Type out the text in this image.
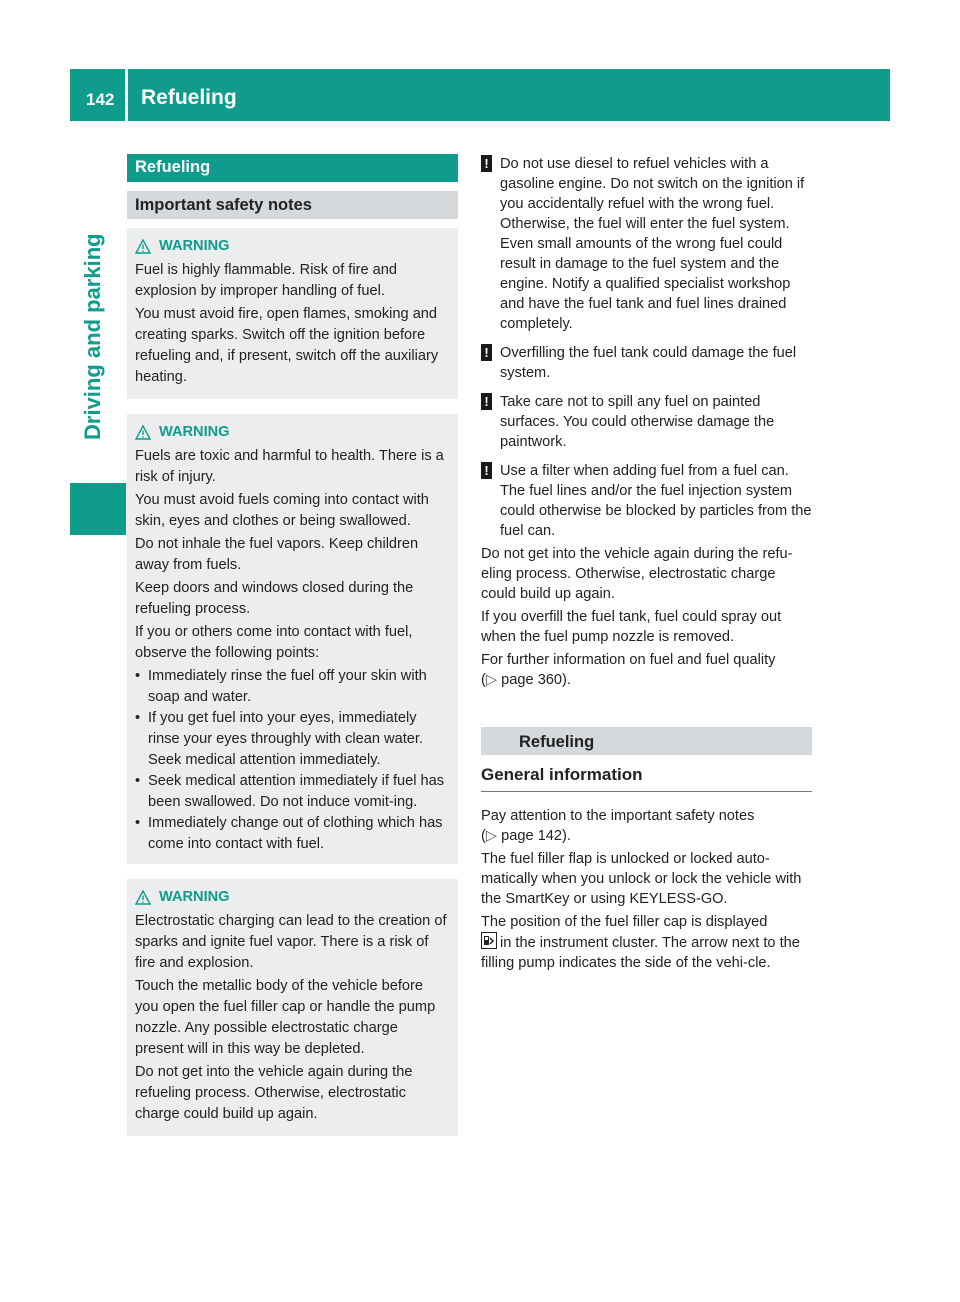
142 Refueling
Driving and parking
Refueling
Important safety notes
WARNING

Fuel is highly flammable. Risk of fire and explosion by improper handling of fuel.

You must avoid fire, open flames, smoking and creating sparks. Switch off the ignition before refueling and, if present, switch off the auxiliary heating.

WARNING

Fuels are toxic and harmful to health. There is a risk of injury.

You must avoid fuels coming into contact with skin, eyes and clothes or being swallowed.

Do not inhale the fuel vapors. Keep children away from fuels.

Keep doors and windows closed during the refueling process.

If you or others come into contact with fuel, observe the following points:

• Immediately rinse the fuel off your skin with soap and water.
• If you get fuel into your eyes, immediately rinse your eyes throughly with clean water. Seek medical attention immediately.
• Seek medical attention immediately if fuel has been swallowed. Do not induce vomit-ing.
• Immediately change out of clothing which has come into contact with fuel.
WARNING

Electrostatic charging can lead to the creation of sparks and ignite fuel vapor. There is a risk of fire and explosion.

Touch the metallic body of the vehicle before you open the fuel filler cap or handle the pump nozzle. Any possible electrostatic charge present will in this way be depleted.

Do not get into the vehicle again during the refueling process. Otherwise, electrostatic charge could build up again.

! Do not use diesel to refuel vehicles with a gasoline engine. Do not switch on the ignition if you accidentally refuel with the wrong fuel. Otherwise, the fuel will enter the fuel system. Even small amounts of the wrong fuel could result in damage to the fuel system and the engine. Notify a qualified specialist workshop and have the fuel tank and fuel lines drained completely.
! Overfilling the fuel tank could damage the fuel system.
! Take care not to spill any fuel on painted surfaces. You could otherwise damage the paintwork.
! Use a filter when adding fuel from a fuel can. The fuel lines and/or the fuel injection system could otherwise be blocked by particles from the fuel can.

Do not get into the vehicle again during the refu-eling process. Otherwise, electrostatic charge could build up again.

If you overfill the fuel tank, fuel could spray out when the fuel pump nozzle is removed.

For further information on fuel and fuel quality

(▷ page 360).

Refueling
General information

Pay attention to the important safety notes

(▷ page 142).

The fuel filler flap is unlocked or locked auto-matically when you unlock or lock the vehicle with the SmartKey or using KEYLESS-GO.

The position of the fuel filler cap is displayed

in the instrument cluster. The arrow next to the filling pump indicates the side of the vehi-cle.
